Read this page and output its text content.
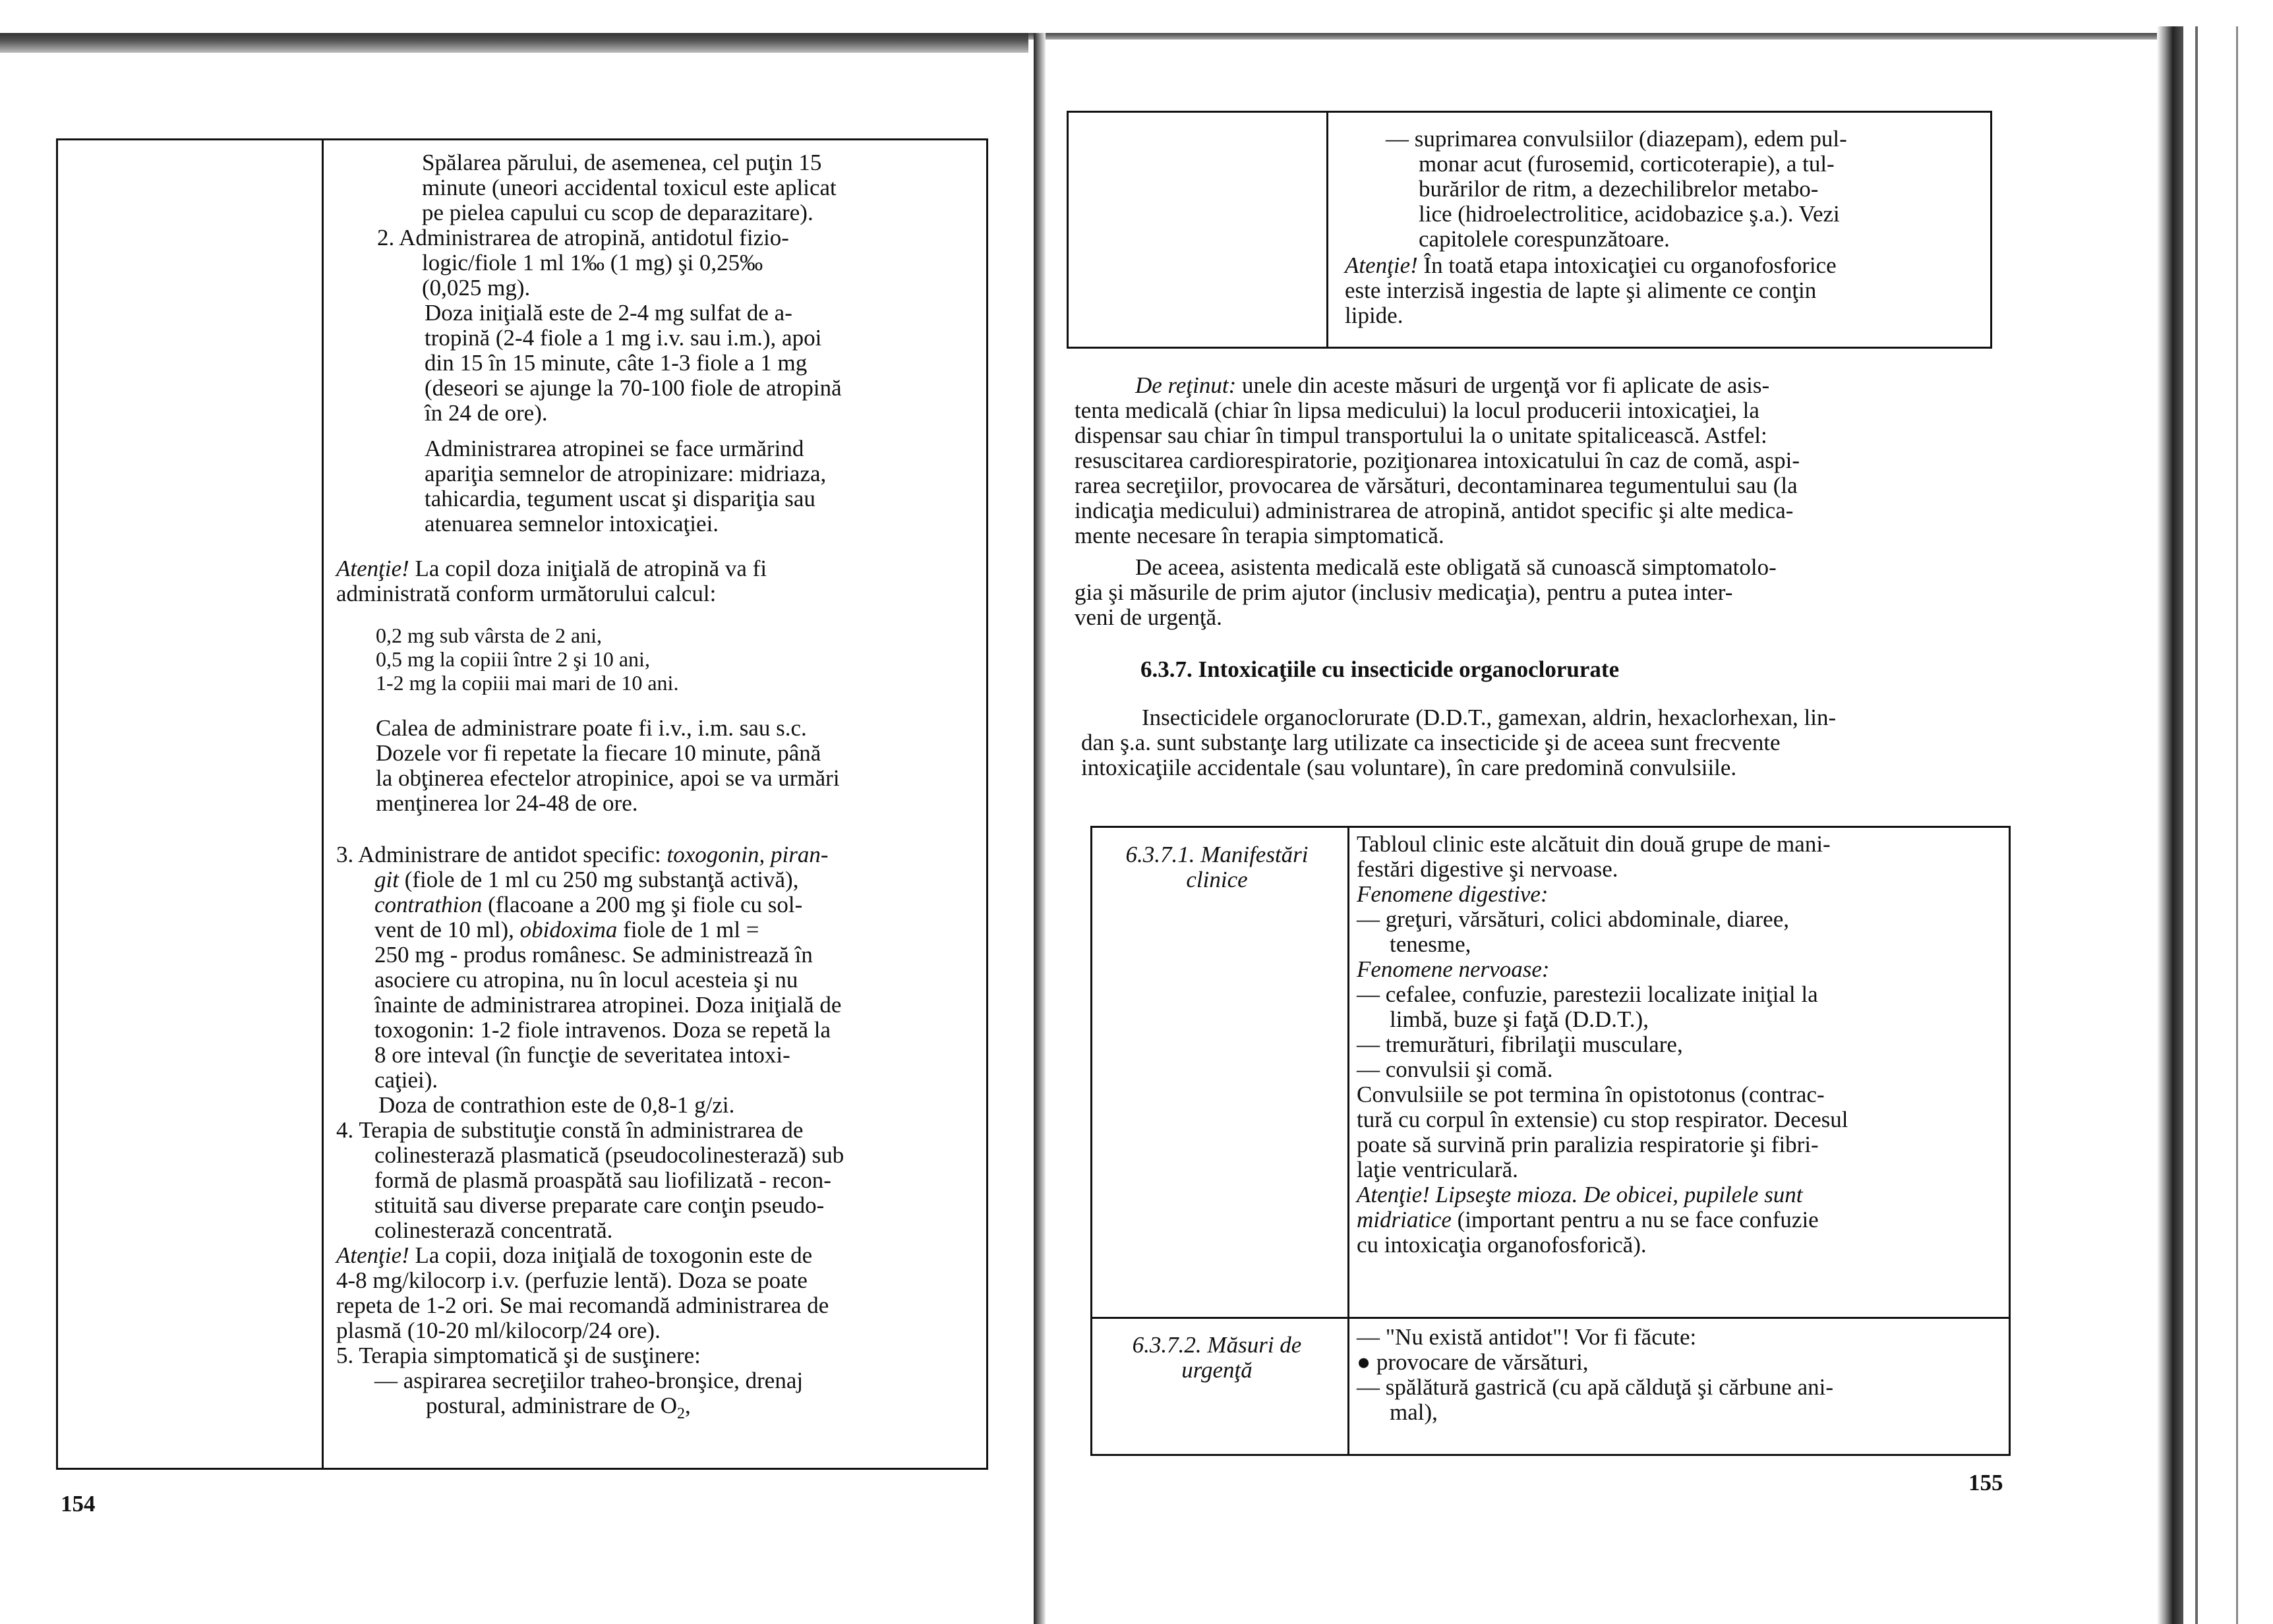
Spălarea părului, de asemenea, cel puţin 15
minute (uneori accidental toxicul este aplicat
pe pielea capului cu scop de deparazitare).
2. Administrarea de atropină, antidotul fizio-
logic/fiole 1 ml 1‰ (1 mg) şi 0,25‰
(0,025 mg).
Doza iniţială este de 2-4 mg sulfat de a-
tropină (2-4 fiole a 1 mg i.v. sau i.m.), apoi
din 15 în 15 minute, câte 1-3 fiole a 1 mg
(deseori se ajunge la 70-100 fiole de atropină
în 24 de ore).
Administrarea atropinei se face urmărind
apariţia semnelor de atropinizare: midriaza,
tahicardia, tegument uscat şi dispariţia sau
atenuarea semnelor intoxicaţiei.
Atenţie! La copil doza iniţială de atropină va fi
administrată conform următorului calcul:
0,2 mg sub vârsta de 2 ani,
0,5 mg la copiii între 2 şi 10 ani,
1-2 mg la copiii mai mari de 10 ani.
Calea de administrare poate fi i.v., i.m. sau s.c.
Dozele vor fi repetate la fiecare 10 minute, până
la obţinerea efectelor atropinice, apoi se va urmări
menţinerea lor 24-48 de ore.
3. Administrare de antidot specific: toxogonin, piran-
git (fiole de 1 ml cu 250 mg substanţă activă),
contrathion (flacoane a 200 mg şi fiole cu sol-
vent de 10 ml), obidoxima fiole de 1 ml =
250 mg - produs românesc. Se administrează în
asociere cu atropina, nu în locul acesteia şi nu
înainte de administrarea atropinei. Doza iniţială de
toxogonin: 1-2 fiole intravenos. Doza se repetă la
8 ore inteval (în funcţie de severitatea intoxi-
caţiei).
Doza de contrathion este de 0,8-1 g/zi.
4. Terapia de substituţie constă în administrarea de
colinesterază plasmatică (pseudocolinesterază) sub
formă de plasmă proaspătă sau liofilizată - recon-
stituită sau diverse preparate care conţin pseudo-
colinesterază concentrată.
Atenţie! La copii, doza iniţială de toxogonin este de
4-8 mg/kilocorp i.v. (perfuzie lentă). Doza se poate
repeta de 1-2 ori. Se mai recomandă administrarea de
plasmă (10-20 ml/kilocorp/24 ore).
5. Terapia simptomatică şi de susţinere:
— aspirarea secreţiilor traheo-bronşice, drenaj
postural, administrare de $O_2$,
154
— suprimarea convulsiilor (diazepam), edem pul-
monar acut (furosemid, corticoterapie), a tul-
burărilor de ritm, a dezechilibrelor metabo-
lice (hidroelectrolitice, acidobazice ş.a.). Vezi
capitolele corespunzătoare.
Atenţie! În toată etapa intoxicaţiei cu organofosforice
este interzisă ingestia de lapte şi alimente ce conţin
lipide.
De reţinut: unele din aceste măsuri de urgenţă vor fi aplicate de asis-
tenta medicală (chiar în lipsa medicului) la locul producerii intoxicaţiei, la
dispensar sau chiar în timpul transportului la o unitate spitalicească. Astfel:
resuscitarea cardiorespiratorie, poziţionarea intoxicatului în caz de comă, aspi-
rarea secreţiilor, provocarea de vărsături, decontaminarea tegumentului sau (la
indicaţia medicului) administrarea de atropină, antidot specific şi alte medica-
mente necesare în terapia simptomatică.
De aceea, asistenta medicală este obligată să cunoască simptomatolo-
gia şi măsurile de prim ajutor (inclusiv medicaţia), pentru a putea inter-
veni de urgenţă.
6.3.7. Intoxicaţiile cu insecticide organoclorurate
Insecticidele organoclorurate (D.D.T., gamexan, aldrin, hexaclorhexan, lin-
dan ş.a. sunt substanţe larg utilizate ca insecticide şi de aceea sunt frecvente
intoxicaţiile accidentale (sau voluntare), în care predomină convulsiile.
6.3.7.1. Manifestări
clinice
Tabloul clinic este alcătuit din două grupe de mani-
festări digestive şi nervoase.
Fenomene digestive:
— greţuri, vărsături, colici abdominale, diaree,
tenesme,
Fenomene nervoase:
— cefalee, confuzie, parestezii localizate iniţial la
limbă, buze şi faţă (D.D.T.),
— tremurături, fibrilaţii musculare,
— convulsii şi comă.
Convulsiile se pot termina în opistotonus (contrac-
tură cu corpul în extensie) cu stop respirator. Decesul
poate să survină prin paralizia respiratorie şi fibri-
laţie ventriculară.
Atenţie! Lipseşte mioza. De obicei, pupilele sunt
midriatice (important pentru a nu se face confuzie
cu intoxicaţia organofosforică).
6.3.7.2. Măsuri de
urgenţă
— "Nu există antidot"! Vor fi făcute:
● provocare de vărsături,
— spălătură gastrică (cu apă călduţă şi cărbune ani-
mal),
155
